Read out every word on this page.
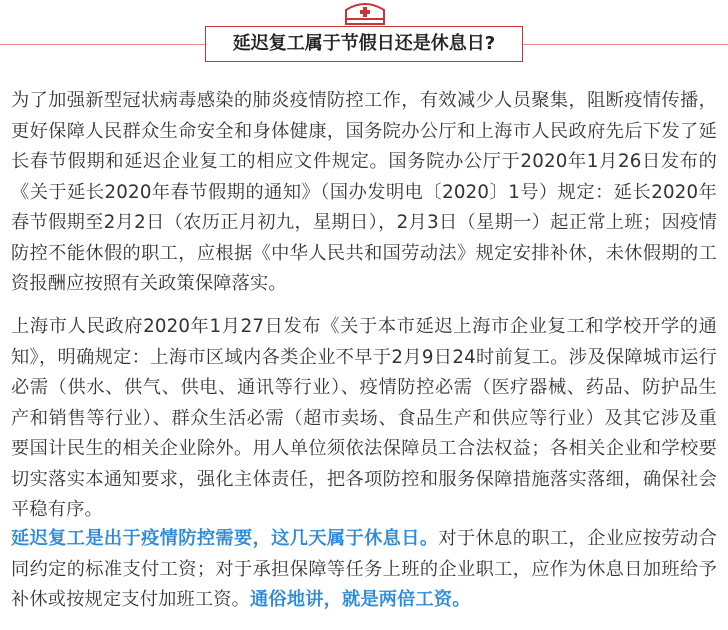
延迟复工属于节假日还是休息日?

为了加强新型冠状病毒感染的肺炎疫情防控工作，有效减少人员聚集，阻断疫情传播，更好保障人民群众生命安全和身体健康，国务院办公厅和上海市人民政府先后下发了延长春节假期和延迟企业复工的相应文件规定。国务院办公厅于2020年1月26日发布的《关于延长2020年春节假期的通知》（国办发明电〔2020〕1号）规定：延长2020年春节假期至2月2日（农历正月初九，星期日），2月3日（星期一）起正常上班；因疫情防控不能休假的职工，应根据《中华人民共和国劳动法》规定安排补休，未休假期的工资报酬应按照有关政策保障落实。

上海市人民政府2020年1月27日发布《关于本市延迟上海市企业复工和学校开学的通知》，明确规定：上海市区域内各类企业不早于2月9日24时前复工。涉及保障城市运行必需（供水、供气、供电、通讯等行业）、疫情防控必需（医疗器械、药品、防护品生产和销售等行业）、群众生活必需（超市卖场、食品生产和供应等行业）及其它涉及重要国计民生的相关企业除外。用人单位须依法保障员工合法权益；各相关企业和学校要切实落实本通知要求，强化主体责任，把各项防控和服务保障措施落实落细，确保社会平稳有序。

延迟复工是出于疫情防控需要，这几天属于休息日。对于休息的职工，企业应按劳动合同约定的标准支付工资；对于承担保障等任务上班的企业职工，应作为休息日加班给予补休或按规定支付加班工资。通俗地讲，就是两倍工资。
